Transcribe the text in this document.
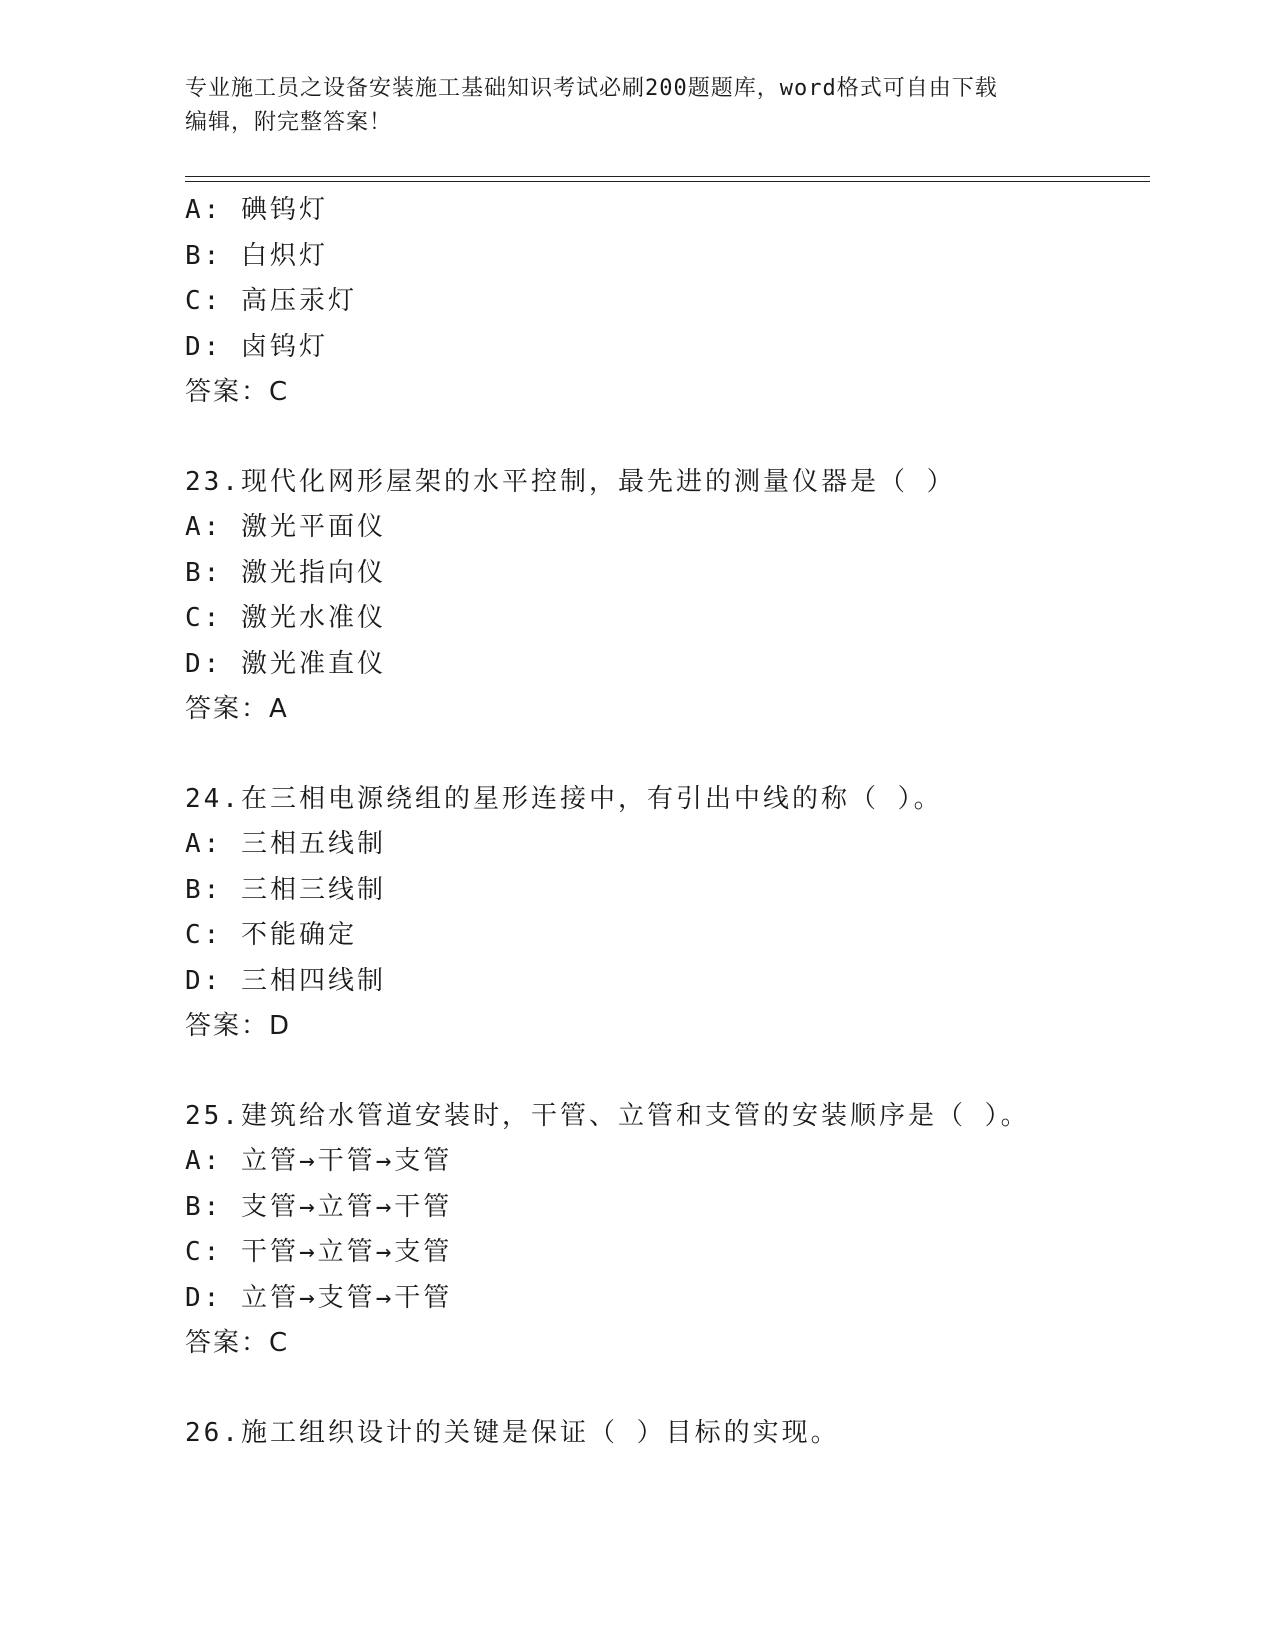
专业施工员之设备安装施工基础知识考试必刷200题题库，word格式可自由下载
编辑，附完整答案！
A: 碘钨灯
B: 白炽灯
C: 高压汞灯
D: 卤钨灯
答案：C
23.现代化网形屋架的水平控制，最先进的测量仪器是（ ）
A: 激光平面仪
B: 激光指向仪
C: 激光水准仪
D: 激光准直仪
答案：A
24.在三相电源绕组的星形连接中，有引出中线的称（ ）。
A: 三相五线制
B: 三相三线制
C: 不能确定
D: 三相四线制
答案：D
25.建筑给水管道安装时，干管、立管和支管的安装顺序是（ ）。
A: 立管→干管→支管
B: 支管→立管→干管
C: 干管→立管→支管
D: 立管→支管→干管
答案：C
26.施工组织设计的关键是保证（ ）目标的实现。
